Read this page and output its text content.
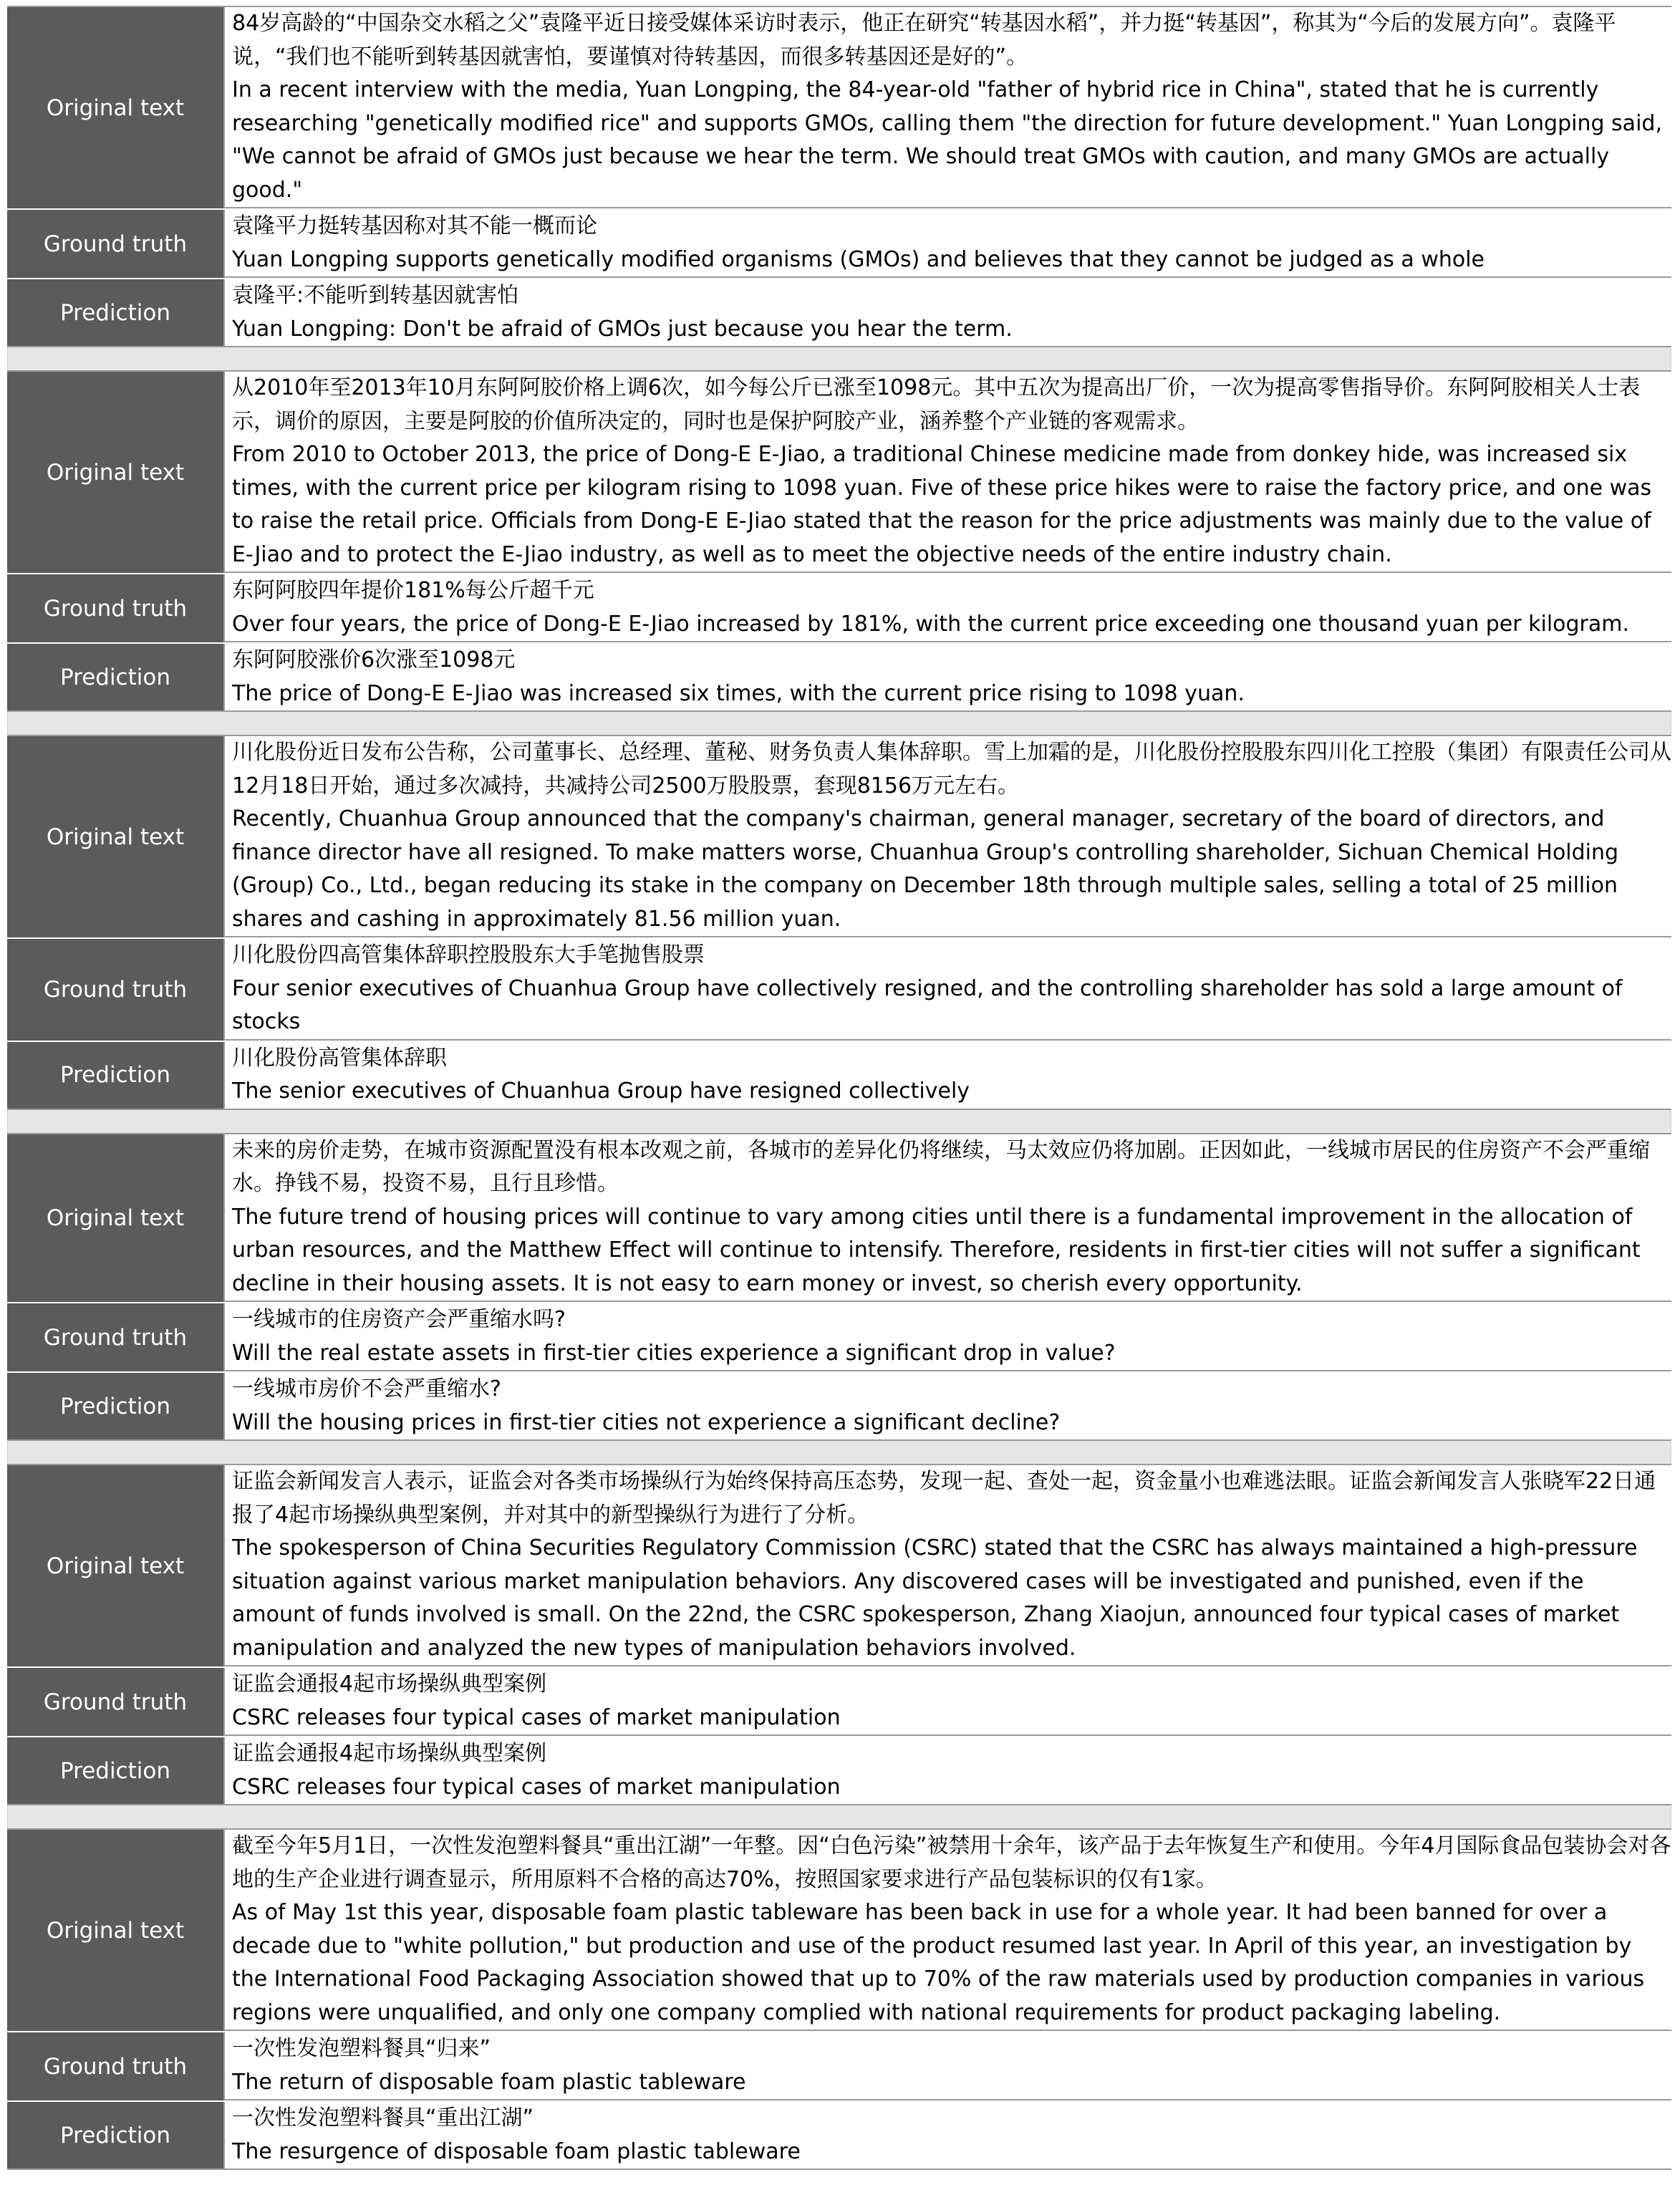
Original text

84岁高龄的“中国杂交水稻之父”袁隆平近日接受媒体采访时表示，他正在研究“转基因水稻”，并力挺“转基因”，称其为“今后的发展方向”。袁隆平说，“我们也不能听到转基因就害怕，要谨慎对待转基因，而很多转基因还是好的”。

In a recent interview with the media, Yuan Longping, the 84-year-old "father of hybrid rice in China", stated that he is currently researching "genetically modified rice" and supports GMOs, calling them "the direction for future development." Yuan Longping said, "We cannot be afraid of GMOs just because we hear the term. We should treat GMOs with caution, and many GMOs are actually good."

Ground truth

袁隆平力挺转基因称对其不能一概而论

Yuan Longping supports genetically modified organisms (GMOs) and believes that they cannot be judged as a whole

Prediction

袁隆平:不能听到转基因就害怕

Yuan Longping: Don't be afraid of GMOs just because you hear the term.

Original text

从2010年至2013年10月东阿阿胶价格上调6次，如今每公斤已涨至1098元。其中五次为提高出厂价，一次为提高零售指导价。东阿阿胶相关人士表示，调价的原因，主要是阿胶的价值所决定的，同时也是保护阿胶产业，涵养整个产业链的客观需求。

From 2010 to October 2013, the price of Dong-E E-Jiao, a traditional Chinese medicine made from donkey hide, was increased six times, with the current price per kilogram rising to 1098 yuan. Five of these price hikes were to raise the factory price, and one was to raise the retail price. Officials from Dong-E E-Jiao stated that the reason for the price adjustments was mainly due to the value of E-Jiao and to protect the E-Jiao industry, as well as to meet the objective needs of the entire industry chain.

Ground truth

东阿阿胶四年提价181%每公斤超千元

Over four years, the price of Dong-E E-Jiao increased by 181%, with the current price exceeding one thousand yuan per kilogram.

Prediction

东阿阿胶涨价6次涨至1098元

The price of Dong-E E-Jiao was increased six times, with the current price rising to 1098 yuan.

Original text

川化股份近日发布公告称，公司董事长、总经理、董秘、财务负责人集体辞职。雪上加霜的是，川化股份控股股东四川化工控股（集团）有限责任公司从12月18日开始，通过多次减持，共减持公司2500万股股票，套现8156万元左右。

Recently, Chuanhua Group announced that the company's chairman, general manager, secretary of the board of directors, and finance director have all resigned. To make matters worse, Chuanhua Group's controlling shareholder, Sichuan Chemical Holding (Group) Co., Ltd., began reducing its stake in the company on December 18th through multiple sales, selling a total of 25 million shares and cashing in approximately 81.56 million yuan.

Ground truth

川化股份四高管集体辞职控股股东大手笔抛售股票

Four senior executives of Chuanhua Group have collectively resigned, and the controlling shareholder has sold a large amount of stocks

Prediction

川化股份高管集体辞职

The senior executives of Chuanhua Group have resigned collectively

Original text

未来的房价走势，在城市资源配置没有根本改观之前，各城市的差异化仍将继续，马太效应仍将加剧。正因如此，一线城市居民的住房资产不会严重缩水。挣钱不易，投资不易，且行且珍惜。

The future trend of housing prices will continue to vary among cities until there is a fundamental improvement in the allocation of urban resources, and the Matthew Effect will continue to intensify. Therefore, residents in first-tier cities will not suffer a significant decline in their housing assets. It is not easy to earn money or invest, so cherish every opportunity.

Ground truth

一线城市的住房资产会严重缩水吗?

Will the real estate assets in first-tier cities experience a significant drop in value?

Prediction

一线城市房价不会严重缩水?

Will the housing prices in first-tier cities not experience a significant decline?

Original text

证监会新闻发言人表示，证监会对各类市场操纵行为始终保持高压态势，发现一起、查处一起，资金量小也难逃法眼。证监会新闻发言人张晓军22日通报了4起市场操纵典型案例，并对其中的新型操纵行为进行了分析。

The spokesperson of China Securities Regulatory Commission (CSRC) stated that the CSRC has always maintained a high-pressure situation against various market manipulation behaviors. Any discovered cases will be investigated and punished, even if the amount of funds involved is small. On the 22nd, the CSRC spokesperson, Zhang Xiaojun, announced four typical cases of market manipulation and analyzed the new types of manipulation behaviors involved.

Ground truth

证监会通报4起市场操纵典型案例

CSRC releases four typical cases of market manipulation

Prediction

证监会通报4起市场操纵典型案例

CSRC releases four typical cases of market manipulation

Original text

截至今年5月1日，一次性发泡塑料餐具“重出江湖”一年整。因“白色污染”被禁用十余年，该产品于去年恢复生产和使用。今年4月国际食品包装协会对各地的生产企业进行调查显示，所用原料不合格的高达70%，按照国家要求进行产品包装标识的仅有1家。

As of May 1st this year, disposable foam plastic tableware has been back in use for a whole year. It had been banned for over a decade due to "white pollution," but production and use of the product resumed last year. In April of this year, an investigation by the International Food Packaging Association showed that up to 70% of the raw materials used by production companies in various regions were unqualified, and only one company complied with national requirements for product packaging labeling.

Ground truth

一次性发泡塑料餐具“归来”

The return of disposable foam plastic tableware

Prediction

一次性发泡塑料餐具“重出江湖”

The resurgence of disposable foam plastic tableware
